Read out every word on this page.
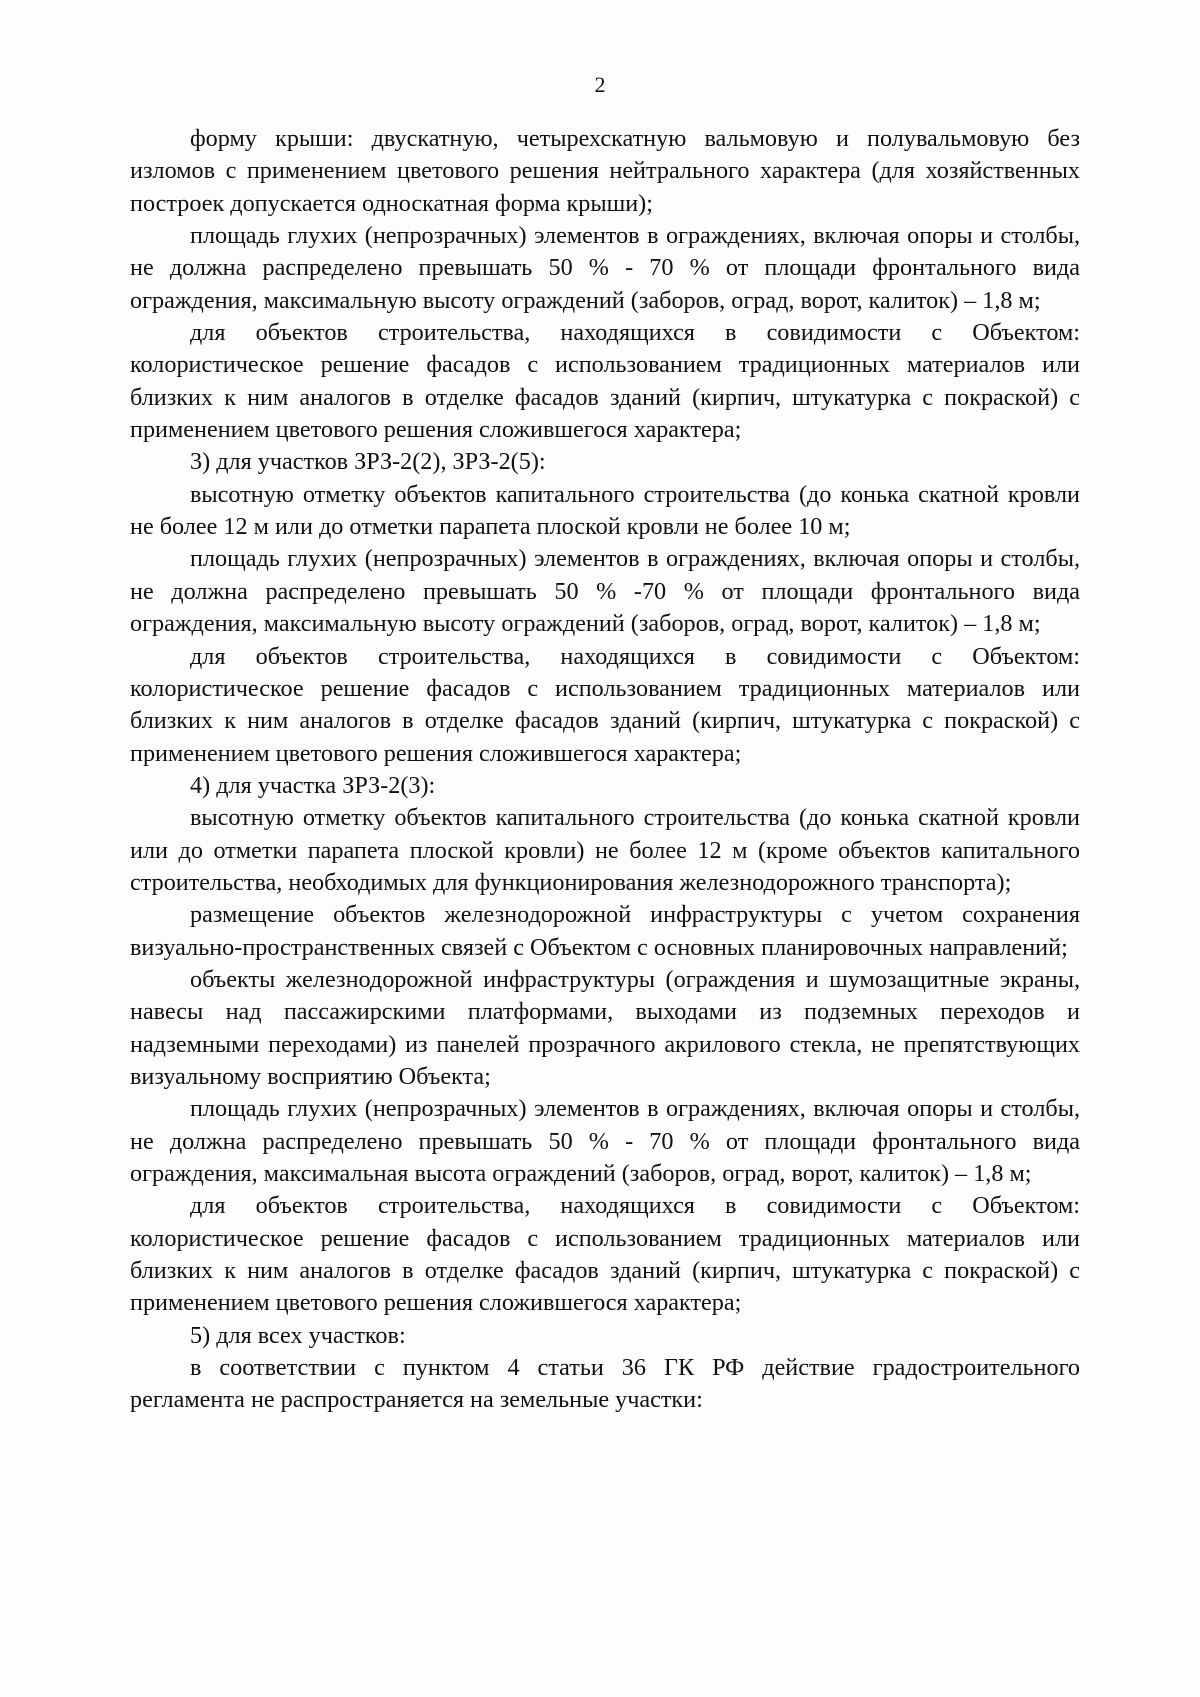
2

форму крыши: двускатную, четырехскатную вальмовую и полувальмовую без изломов с применением цветового решения нейтрального характера (для хозяйственных построек допускается односкатная форма крыши);

площадь глухих (непрозрачных) элементов в ограждениях, включая опоры и столбы, не должна распределено превышать 50 % - 70 % от площади фронтального вида ограждения, максимальную высоту ограждений (заборов, оград, ворот, калиток) – 1,8 м;

для объектов строительства, находящихся в совидимости с Объектом: колористическое решение фасадов с использованием традиционных материалов или близких к ним аналогов в отделке фасадов зданий (кирпич, штукатурка с покраской) с применением цветового решения сложившегося характера;

3) для участков ЗРЗ-2(2), ЗРЗ-2(5):

высотную отметку объектов капитального строительства (до конька скатной кровли не более 12 м или до отметки парапета плоской кровли не более 10 м;

площадь глухих (непрозрачных) элементов в ограждениях, включая опоры и столбы, не должна распределено превышать 50 % -70 % от площади фронтального вида ограждения, максимальную высоту ограждений (заборов, оград, ворот, калиток) – 1,8 м;

для объектов строительства, находящихся в совидимости с Объектом: колористическое решение фасадов с использованием традиционных материалов или близких к ним аналогов в отделке фасадов зданий (кирпич, штукатурка с покраской) с применением цветового решения сложившегося характера;

4) для участка ЗРЗ-2(3):

высотную отметку объектов капитального строительства (до конька скатной кровли или до отметки парапета плоской кровли) не более 12 м (кроме объектов капитального строительства, необходимых для функционирования железнодорожного транспорта);

размещение объектов железнодорожной инфраструктуры с учетом сохранения визуально-пространственных связей с Объектом с основных планировочных направлений;

объекты железнодорожной инфраструктуры (ограждения и шумозащитные экраны, навесы над пассажирскими платформами, выходами из подземных переходов и надземными переходами) из панелей прозрачного акрилового стекла, не препятствующих визуальному восприятию Объекта;

площадь глухих (непрозрачных) элементов в ограждениях, включая опоры и столбы, не должна распределено превышать 50 % - 70 % от площади фронтального вида ограждения, максимальная высота ограждений (заборов, оград, ворот, калиток) – 1,8 м;

для объектов строительства, находящихся в совидимости с Объектом: колористическое решение фасадов с использованием традиционных материалов или близких к ним аналогов в отделке фасадов зданий (кирпич, штукатурка с покраской) с применением цветового решения сложившегося характера;

5) для всех участков:

в соответствии с пунктом 4 статьи 36 ГК РФ действие градостроительного регламента не распространяется на земельные участки:
